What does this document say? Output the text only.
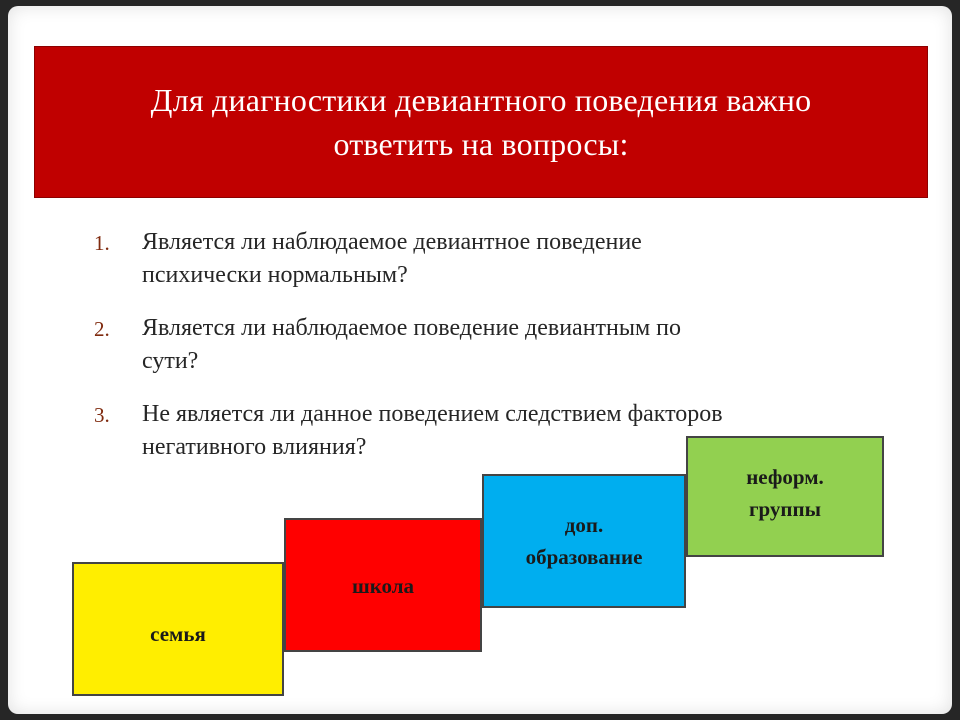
Для диагностики девиантного поведения важно
ответить на вопросы:
1. Является ли наблюдаемое девиантное поведение
психически нормальным?
2. Является ли наблюдаемое поведение девиантным по
сути?
3. Не является ли данное поведением следствием факторов
негативного влияния?
семья
школа
доп.
образование
неформ.
группы
